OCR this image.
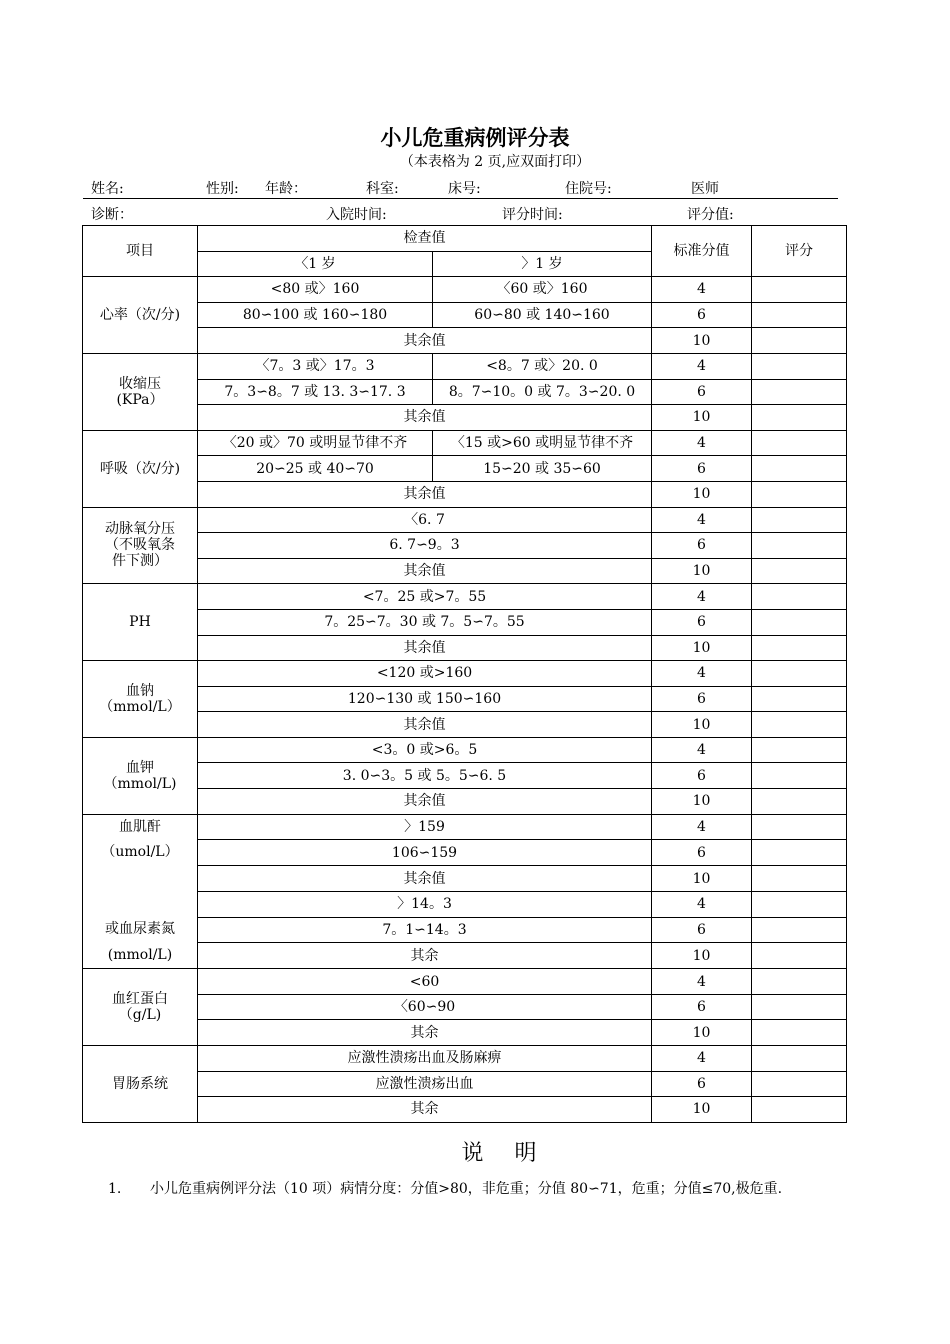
小儿危重病例评分表
（本表格为 2 页,应双面打印）
姓名:	性别: 年龄：	科室:	床号:	住院号:	医师
诊断：	入院时间:	评分时间:	评分值:
项目	检查值		标准分值	评分
	〈1 岁	〉1 岁		
心率（次/分)	<80 或〉160	〈60 或〉160	4	
	80∽100 或 160∽180	60∽80 或 140∽160	6	
	其余值		10	
收缩压
(KPa）	〈7。3 或〉17。3	<8。7 或〉20. 0	4	
	7。3∽8。7 或 13. 3∽17. 3	8。7∽10。0 或 7。3∽20. 0	6	
	其余值		10	
呼吸（次/分)	〈20 或〉70 或明显节律不齐	〈15 或>60 或明显节律不齐	4	
	20∽25 或 40∽70	15∽20 或 35∽60	6	
	其余值		10	
动脉氧分压
（不吸氧条
件下测）	〈6. 7		4	
	6. 7∽9。3		6	
	其余值		10	
PH	<7。25 或>7。55		4	
	7。25∽7。30 或 7。5∽7。55		6	
	其余值		10	
血钠
（mmol/L）	<120 或>160		4	
	120∽130 或 150∽160		6	
	其余值		10	
血钾
（mmol/L)	<3。0 或>6。5		4	
	3. 0∽3。5 或 5。5∽6. 5		6	
	其余值		10	
血肌酐
（umol/L）

或血尿素氮
(mmol/L)	〉159		4	
	106∽159		6	
	其余值		10	
	〉14。3		4	
	7。1∽14。3		6	
	其余		10	
血红蛋白
（g/L)	<60		4	
	〈60∽90		6	
	其余		10	
胃肠系统	应激性溃疡出血及肠麻痹		4	
	应激性溃疡出血		6	
	其余		10	
说 明
1. 小儿危重病例评分法（10 项）病情分度：分值>80，非危重；分值 80∽71，危重；分值≤70,极危重.
